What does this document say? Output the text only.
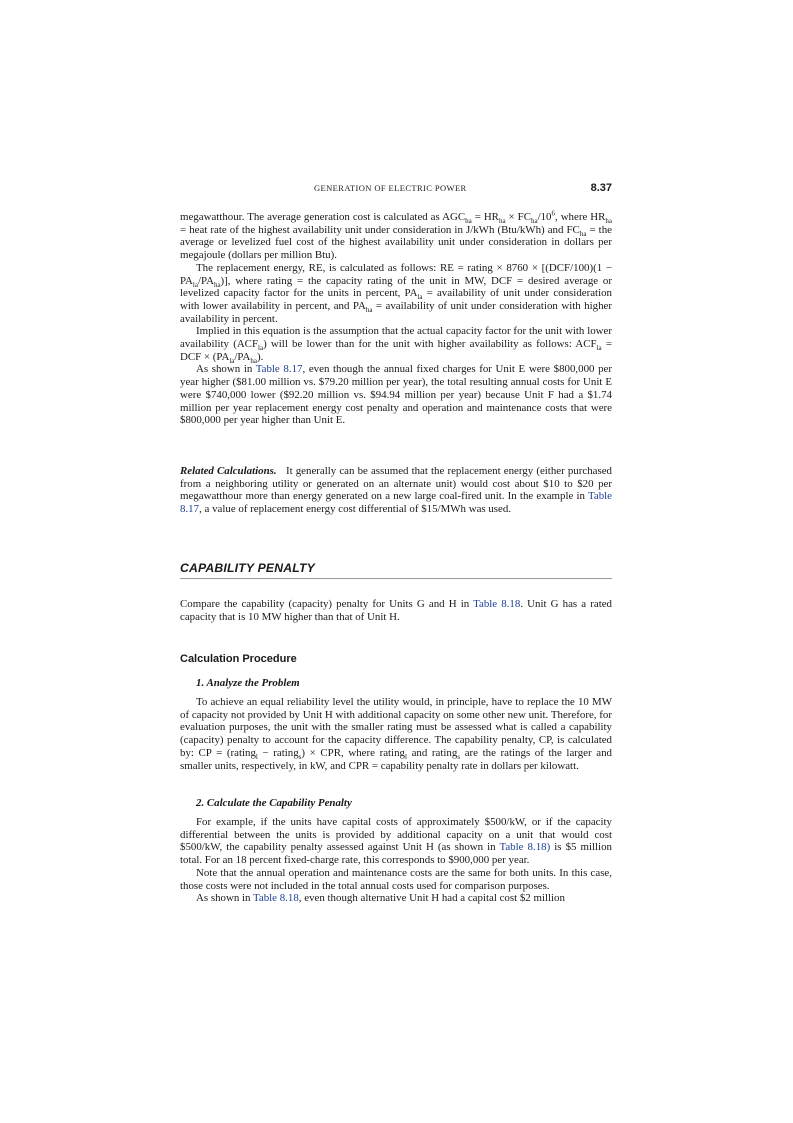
GENERATION OF ELECTRIC POWER	8.37

megawatthour. The average generation cost is calculated as $AGC_{ha} = HR_{ha} \times FC_{ha}/10^6$, where $HR_{ha}$ = heat rate of the highest availability unit under consideration in J/kWh (Btu/kWh) and $FC_{ha}$ = the average or levelized fuel cost of the highest availability unit under consideration in dollars per megajoule (dollars per million Btu).

The replacement energy, RE, is calculated as follows: RE = rating × $8760 \times [(DCF/100)(1 - PA_{la}/PA_{ha})]$, where rating = the capacity rating of the unit in MW, DCF = desired average or levelized capacity factor for the units in percent, $PA_{la}$ = availability of unit under consideration with lower availability in percent, and $PA_{ha}$ = availability of unit under consideration with higher availability in percent.

Implied in this equation is the assumption that the actual capacity factor for the unit with lower availability $(ACF_{la})$ will be lower than for the unit with higher availability as follows: $ACF_{la}$ = DCF × $(PA_{la}/PA_{ha})$.

As shown in Table 8.17, even though the annual fixed charges for Unit E were $800,000 per year higher ($81.00 million vs. $79.20 million per year), the total resulting annual costs for Unit E were $740,000 lower ($92.20 million vs. $94.94 million per year) because Unit F had a $1.74 million per year replacement energy cost penalty and operation and maintenance costs that were $800,000 per year higher than Unit E.

Related Calculations. It generally can be assumed that the replacement energy (either purchased from a neighboring utility or generated on an alternate unit) would cost about $10 to $20 per megawatthour more than energy generated on a new large coal-fired unit. In the example in Table 8.17, a value of replacement energy cost differential of $15/MWh was used.

CAPABILITY PENALTY

Compare the capability (capacity) penalty for Units G and H in Table 8.18. Unit G has a rated capacity that is 10 MW higher than that of Unit H.

Calculation Procedure
1. Analyze the Problem

To achieve an equal reliability level the utility would, in principle, have to replace the 10 MW of capacity not provided by Unit H with additional capacity on some other new unit. Therefore, for evaluation purposes, the unit with the smaller rating must be assessed what is called a capability (capacity) penalty to account for the capacity difference. The capability penalty, CP, is calculated by: CP = (rating$_l$ − rating$_s$) × CPR, where rating$_l$ and rating$_s$ are the ratings of the larger and smaller units, respectively, in kW, and CPR = capability penalty rate in dollars per kilowatt.

2. Calculate the Capability Penalty

For example, if the units have capital costs of approximately $500/kW, or if the capacity differential between the units is provided by additional capacity on a unit that would cost $500/kW, the capability penalty assessed against Unit H (as shown in Table 8.18) is $5 million total. For an 18 percent fixed-charge rate, this corresponds to $900,000 per year.

Note that the annual operation and maintenance costs are the same for both units. In this case, those costs were not included in the total annual costs used for comparison purposes.

As shown in Table 8.18, even though alternative Unit H had a capital cost $2 million
